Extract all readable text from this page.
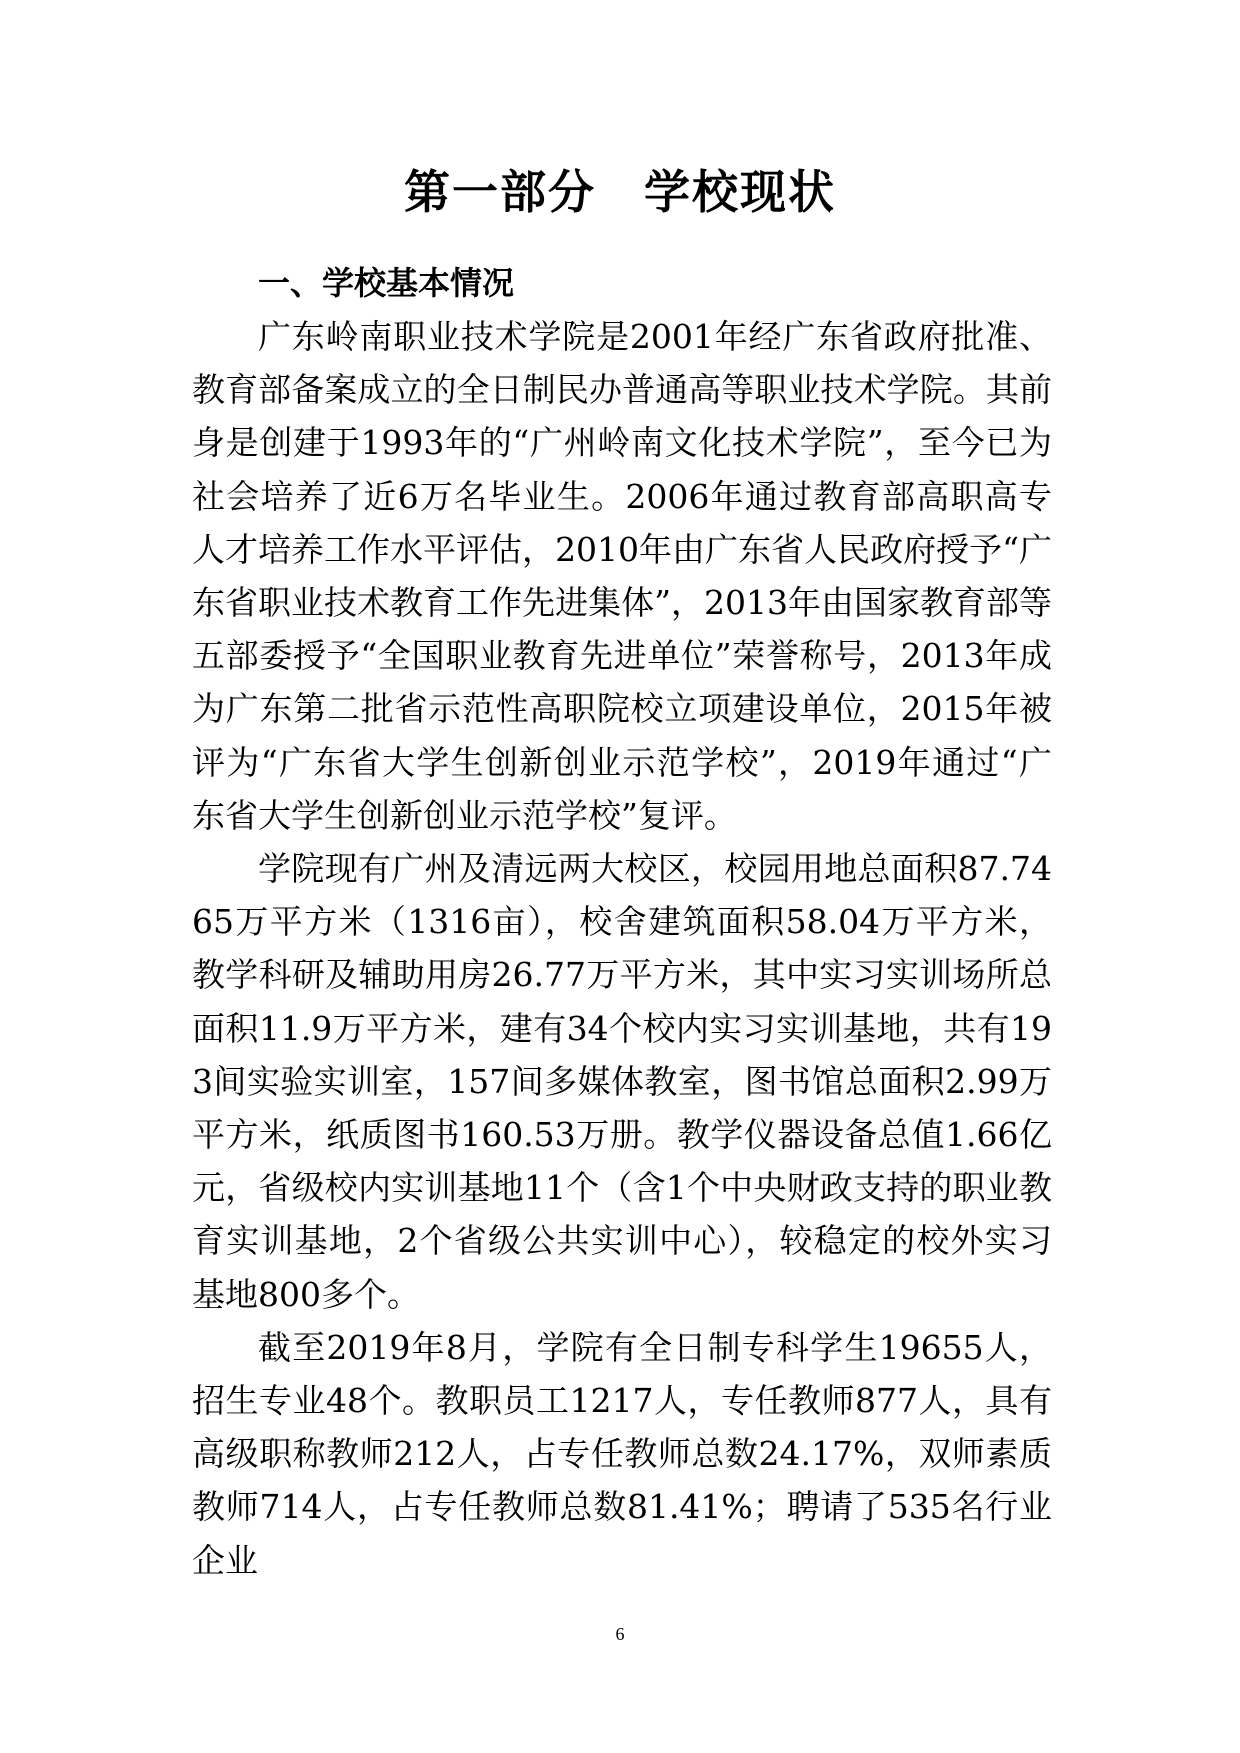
第一部分　学校现状
一、学校基本情况

广东岭南职业技术学院是2001年经广东省政府批准、教育部备案成立的全日制民办普通高等职业技术学院。其前身是创建于1993年的“广州岭南文化技术学院”，至今已为社会培养了近6万名毕业生。2006年通过教育部高职高专人才培养工作水平评估，2010年由广东省人民政府授予“广东省职业技术教育工作先进集体”，2013年由国家教育部等五部委授予“全国职业教育先进单位”荣誉称号，2013年成为广东第二批省示范性高职院校立项建设单位，2015年被评为“广东省大学生创新创业示范学校”，2019年通过“广东省大学生创新创业示范学校”复评。

学院现有广州及清远两大校区，校园用地总面积87.7465万平方米（1316亩），校舍建筑面积58.04万平方米，教学科研及辅助用房26.77万平方米，其中实习实训场所总面积11.9万平方米，建有34个校内实习实训基地，共有193间实验实训室，157间多媒体教室，图书馆总面积2.99万平方米，纸质图书160.53万册。教学仪器设备总值1.66亿元，省级校内实训基地11个（含1个中央财政支持的职业教育实训基地，2个省级公共实训中心），较稳定的校外实习基地800多个。

截至2019年8月，学院有全日制专科学生19655人，招生专业48个。教职员工1217人，专任教师877人，具有高级职称教师212人，占专任教师总数24.17%，双师素质教师714人，占专任教师总数81.41%；聘请了535名行业企业

6
